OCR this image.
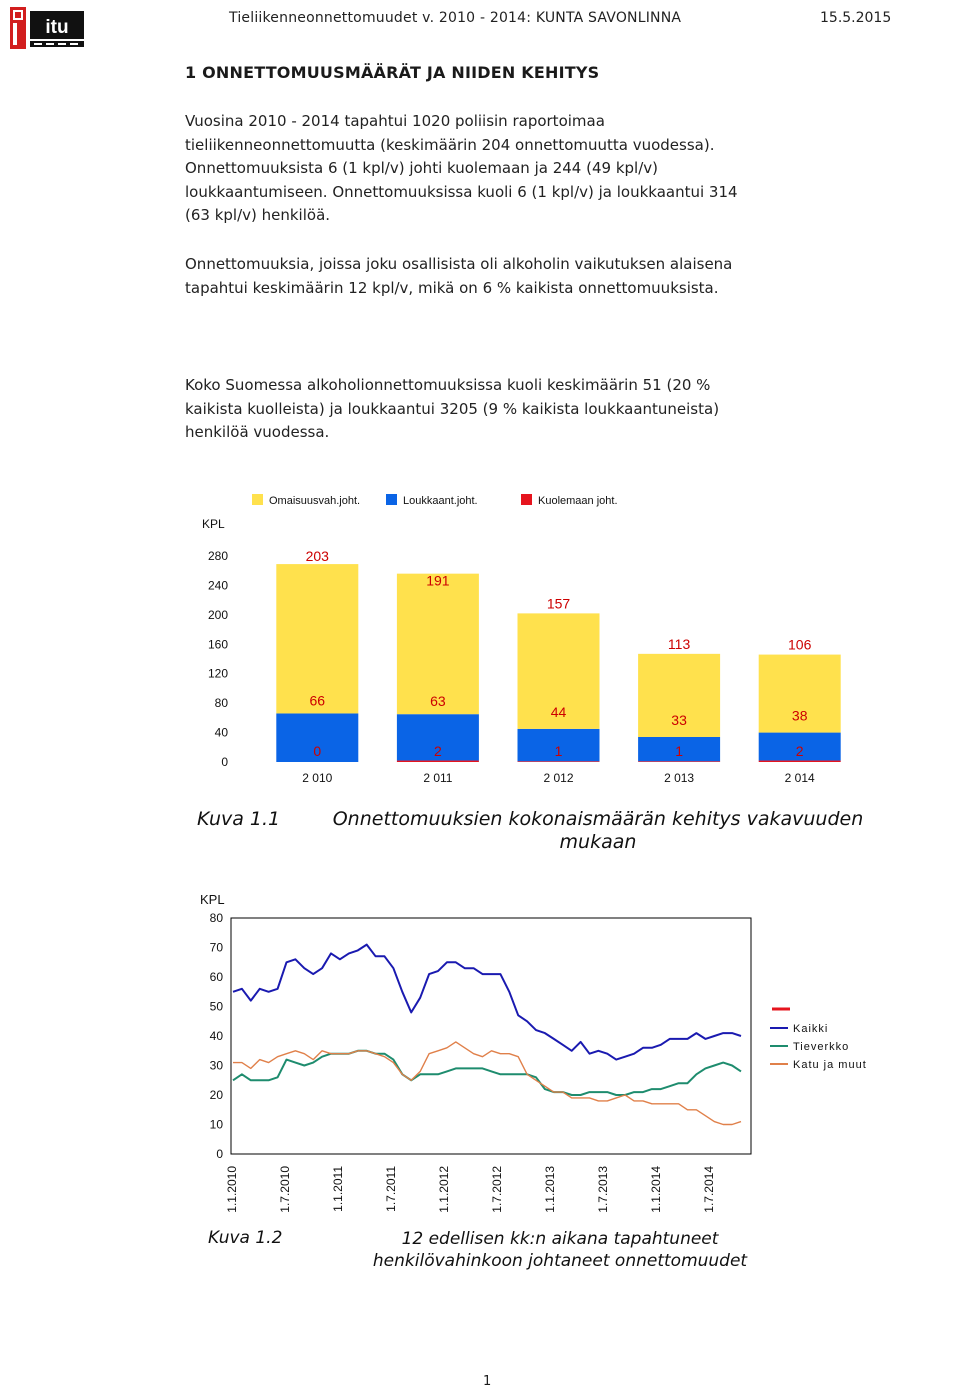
itu	Tieliikenneonnettomuudet v. 2010 - 2014: KUNTA SAVONLINNA	15.5.2015
1 ONNETTOMUUSMÄÄRÄT JA NIIDEN KEHITYS
Vuosina 2010 - 2014 tapahtui 1020 poliisin raportoimaa tieliikenneonnettomuutta (keskimäärin 204 onnettomuutta vuodessa). Onnettomuuksista 6 (1 kpl/v) johti kuolemaan ja 244 (49 kpl/v) loukkaantumiseen. Onnettomuuksissa kuoli 6 (1 kpl/v) ja loukkaantui 314 (63 kpl/v) henkilöä.
Onnettomuuksia, joissa joku osallisista oli alkoholin vaikutuksen alaisena tapahtui keskimäärin 12 kpl/v, mikä on 6 % kaikista onnettomuuksista.
Koko Suomessa alkoholionnettomuuksissa kuoli keskimäärin 51 (20 % kaikista kuolleista) ja loukkaantui 3205 (9 % kaikista loukkaantuneista) henkilöä vuodessa.
Omaisuusvah.joht.	Loukkaant.joht.	Kuolemaan joht.
KPL
0
40
80
120
160
200
240
280	203
66
0
2 010
191
63
2
2 011
157
44
1
2 012
113
33
1
2 013
106
38
2
2 014
Kuva 1.1	Onnettomuuksien kokonaismäärän kehitys vakavuuden mukaan
KPL
0
10
20
30
40
50
60
70
80
1.1.2010	1.7.2010	1.1.2011	1.7.2011	1.1.2012	1.7.2012	1.1.2013	1.7.2013	1.1.2014	1.7.2014
Kaikki
Tieverkko
Katu ja muut
Kuva 1.2	12 edellisen kk:n aikana tapahtuneet henkilövahinkoon johtaneet onnettomuudet
1
